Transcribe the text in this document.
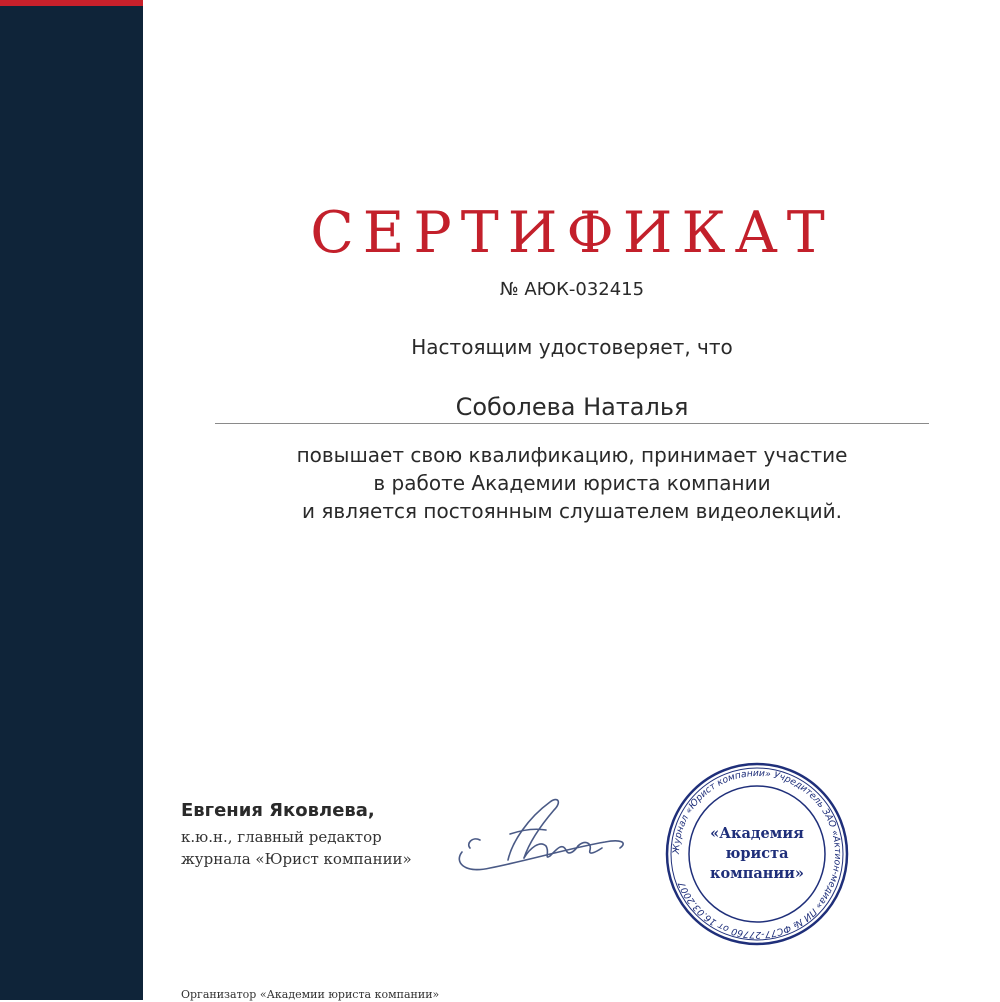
СЕРТИФИКАТ
№ АЮК-032415
Настоящим удостоверяет, что
Соболева Наталья
повышает свою квалификацию, принимает участие
в работе Академии юриста компании
и является постоянным слушателем видеолекций.
Евгения Яковлева,
к.ю.н., главный редактор
журнала «Юрист компании»
Журнал «Юрист компании» Учредитель ЗАО «Актион-медиа» ПИ № ФС77-27760 от 16.03.2007
«Академия
юриста
компании»
Организатор «Академии юриста компании»
